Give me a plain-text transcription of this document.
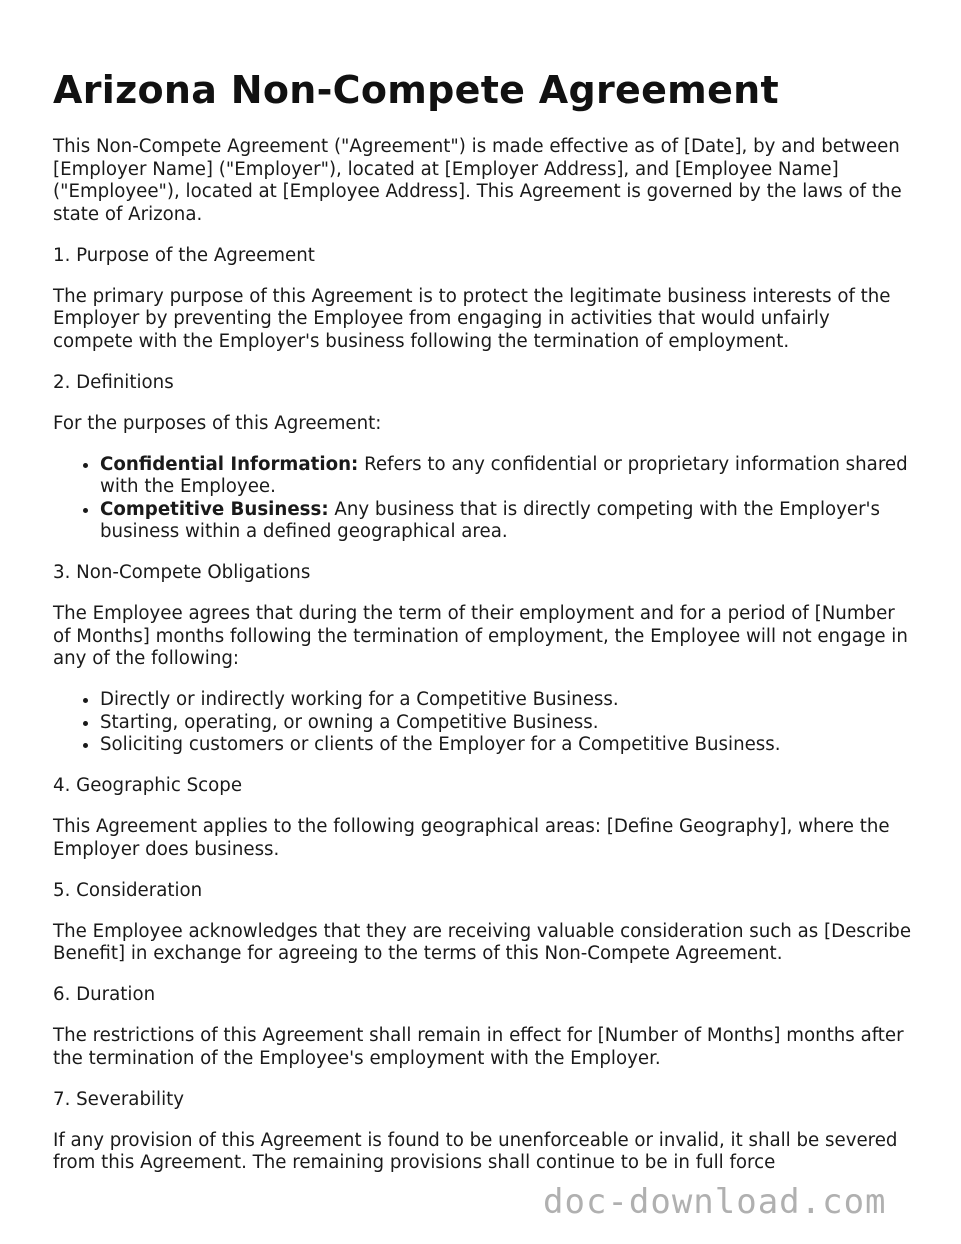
Arizona Non-Compete Agreement

This Non-Compete Agreement ("Agreement") is made effective as of [Date], by and between [Employer Name] ("Employer"), located at [Employer Address], and [Employee Name] ("Employee"), located at [Employee Address]. This Agreement is governed by the laws of the state of Arizona.

1. Purpose of the Agreement

The primary purpose of this Agreement is to protect the legitimate business interests of the Employer by preventing the Employee from engaging in activities that would unfairly compete with the Employer's business following the termination of employment.

2. Definitions

For the purposes of this Agreement:

• Confidential Information: Refers to any confidential or proprietary information shared with the Employee.
• Competitive Business: Any business that is directly competing with the Employer's business within a defined geographical area.

3. Non-Compete Obligations

The Employee agrees that during the term of their employment and for a period of [Number of Months] months following the termination of employment, the Employee will not engage in any of the following:

• Directly or indirectly working for a Competitive Business.
• Starting, operating, or owning a Competitive Business.
• Soliciting customers or clients of the Employer for a Competitive Business.

4. Geographic Scope

This Agreement applies to the following geographical areas: [Define Geography], where the Employer does business.

5. Consideration

The Employee acknowledges that they are receiving valuable consideration such as [Describe Benefit] in exchange for agreeing to the terms of this Non-Compete Agreement.

6. Duration

The restrictions of this Agreement shall remain in effect for [Number of Months] months after the termination of the Employee's employment with the Employer.

7. Severability

If any provision of this Agreement is found to be unenforceable or invalid, it shall be severed from this Agreement. The remaining provisions shall continue to be in full force

doc-download.com
